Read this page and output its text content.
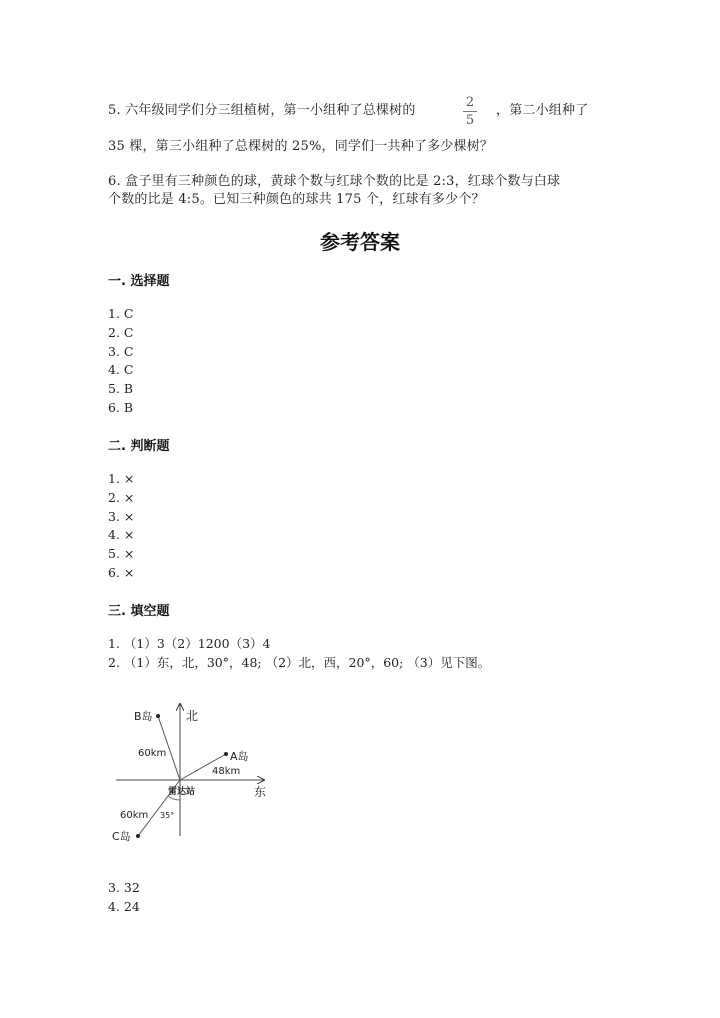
5. 六年级同学们分三组植树，第一小组种了总棵树的
2
5
，第二小组种了
35 棵，第三小组种了总棵树的 25%，同学们一共种了多少棵树？
6. 盒子里有三种颜色的球，黄球个数与红球个数的比是 2:3，红球个数与白球
个数的比是 4:5。已知三种颜色的球共 175 个，红球有多少个？
参考答案
一. 选择题
1. C
2. C
3. C
4. C
5. B
6. B
二. 判断题
1. ×
2. ×
3. ×
4. ×
5. ×
6. ×
三. 填空题
1. （1）3（2）1200（3）4
2. （1）东，北，30°，48; （2）北，西，20°，60; （3）见下图。
北
东
雷达站
B岛
A岛
C岛
60km
48km
60km 35°
3. 32
4. 24
